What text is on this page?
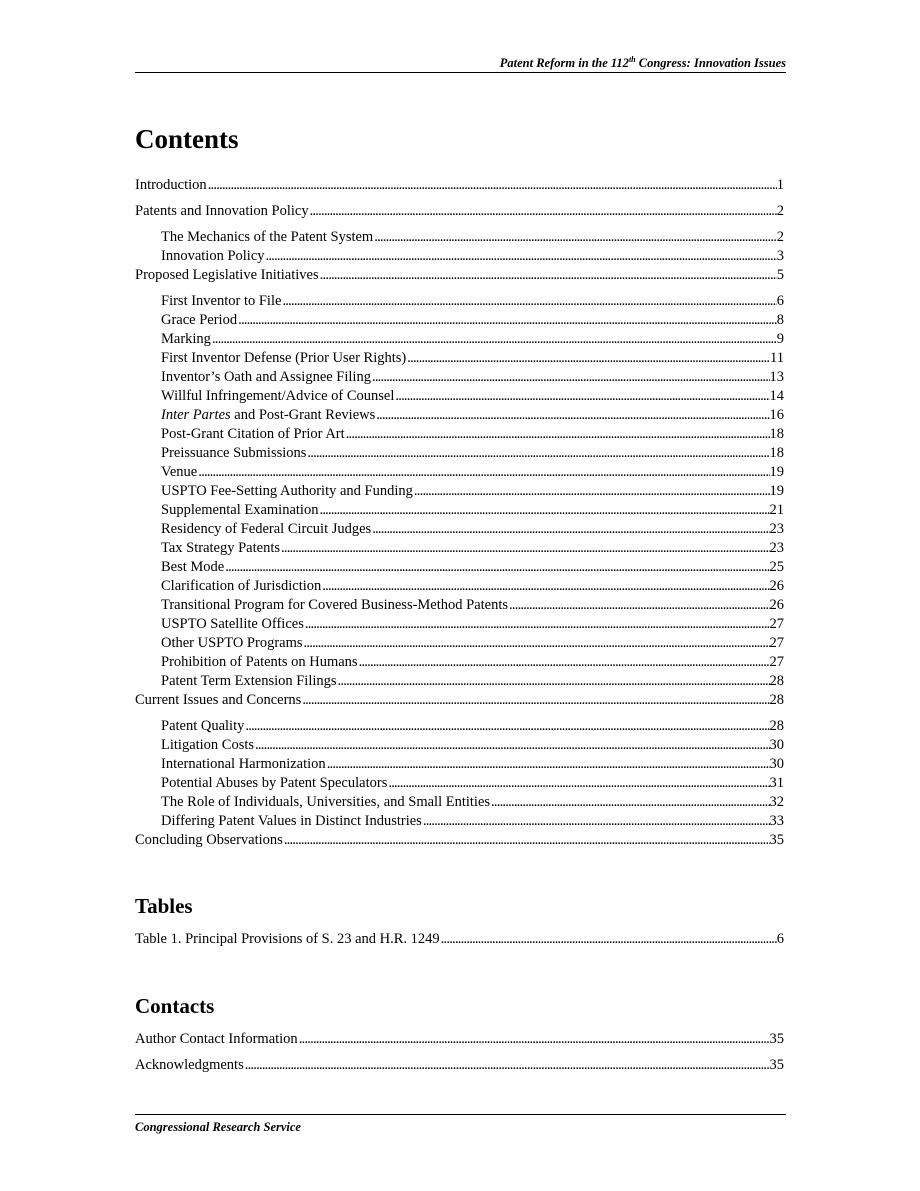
Patent Reform in the 112th Congress: Innovation Issues
Contents
Introduction . . .	1
Patents and Innovation Policy . . .	2
The Mechanics of the Patent System . . .	2
Innovation Policy . . .	3
Proposed Legislative Initiatives . . .	5
First Inventor to File . . .	6
Grace Period . . .	8
Marking . . .	9
First Inventor Defense (Prior User Rights) . . .	11
Inventor’s Oath and Assignee Filing . . .	13
Willful Infringement/Advice of Counsel . . .	14
Inter Partes and Post-Grant Reviews . . .	16
Post-Grant Citation of Prior Art . . .	18
Preissuance Submissions . . .	18
Venue . . .	19
USPTO Fee-Setting Authority and Funding . . .	19
Supplemental Examination . . .	21
Residency of Federal Circuit Judges . . .	23
Tax Strategy Patents . . .	23
Best Mode . . .	25
Clarification of Jurisdiction . . .	26
Transitional Program for Covered Business-Method Patents . . .	26
USPTO Satellite Offices . . .	27
Other USPTO Programs . . .	27
Prohibition of Patents on Humans . . .	27
Patent Term Extension Filings . . .	28
Current Issues and Concerns . . .	28
Patent Quality . . .	28
Litigation Costs . . .	30
International Harmonization . . .	30
Potential Abuses by Patent Speculators . . .	31
The Role of Individuals, Universities, and Small Entities . . .	32
Differing Patent Values in Distinct Industries . . .	33
Concluding Observations . . .	35
Tables
Table 1. Principal Provisions of S. 23 and H.R. 1249 . . .	6
Contacts
Author Contact Information . . .	35
Acknowledgments . . .	35
Congressional Research Service
